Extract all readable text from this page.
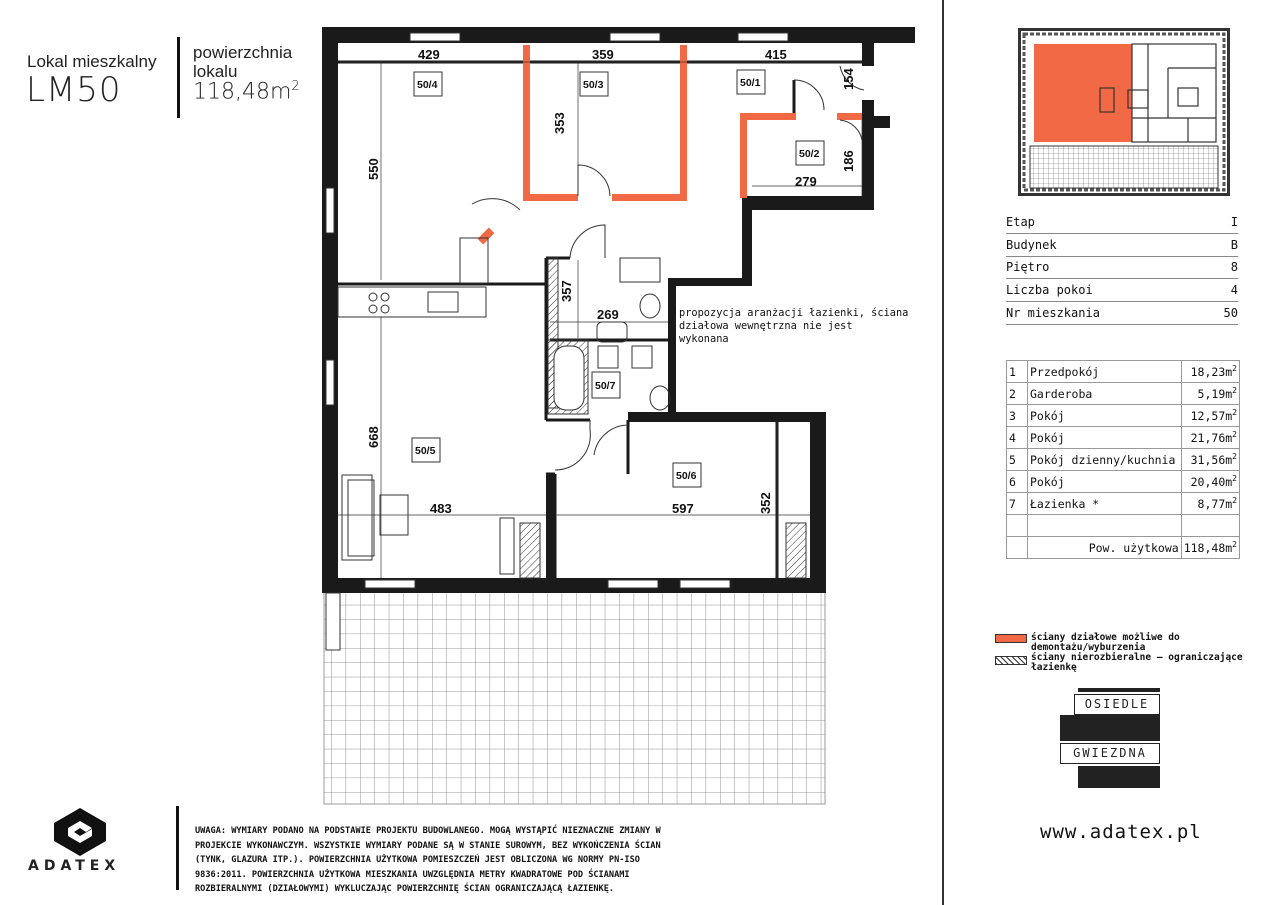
Lokal mieszkalny
LM50
powierzchnia
lokalu
$118,48m^2$
429	359	415
154
550
353
186
279
357
269
668
483	597	352
50/4	50/3	50/1
50/2
50/7
50/5
50/6
propozycja aranżacji łazienki, ściana
działowa wewnętrzna nie jest
wykonana
Etap	I
Budynek	B
Piętro	8
Liczba pokoi	4
Nr mieszkania	50
1	Przedpokój	$18,23m^2$
2	Garderoba	$5,19m^2$
3	Pokój	$12,57m^2$
4	Pokój	$21,76m^2$
5	Pokój dzienny/kuchnia	$31,56m^2$
6	Pokój	$20,40m^2$
7	Łazienka *	$8,77m^2$

	Pow. użytkowa	$118,48m^2$
ściany działowe możliwe do
demontażu/wyburzenia
ściany nierozbieralne – ograniczające
łazienkę
OSIEDLE
GWIEZDNA
www.adatex.pl
ADATEX
UWAGA: WYMIARY PODANO NA PODSTAWIE PROJEKTU BUDOWLANEGO. MOGĄ WYSTĄPIĆ NIEZNACZNE ZMIANY W
PROJEKCIE WYKONAWCZYM. WSZYSTKIE WYMIARY PODANE SĄ W STANIE SUROWYM, BEZ WYKOŃCZENIA ŚCIAN
(TYNK, GLAZURA ITP.). POWIERZCHNIA UŻYTKOWA POMIESZCZEŃ JEST OBLICZONA WG NORMY PN-ISO
9836:2011. POWIERZCHNIA UŻYTKOWA MIESZKANIA UWZGLĘDNIA METRY KWADRATOWE POD ŚCIANAMI
ROZBIERALNYMI (DZIAŁOWYMI) WYKLUCZAJĄC POWIERZCHNIĘ ŚCIAN OGRANICZAJĄCĄ ŁAZIENKĘ.
